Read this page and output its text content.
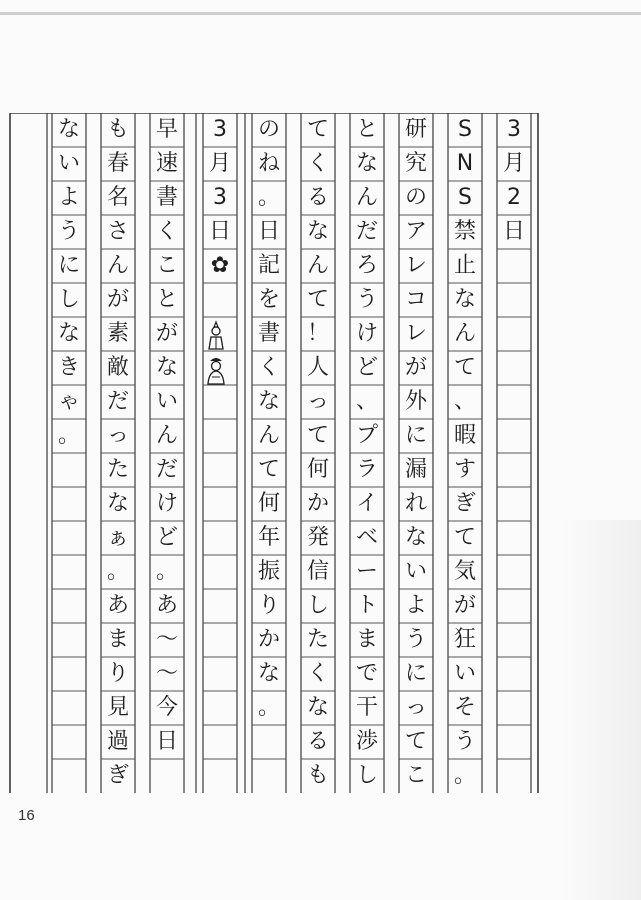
3
月
2
日
S
N
S
禁
止
な
ん
て
、
暇
す
ぎ
て
気
が
狂
い
そ
う
。
研
究
の
ア
レ
コ
レ
が
外
に
漏
れ
な
い
よ
う
に
っ
て
こ
と
な
ん
だ
ろ
う
け
ど
、
プ
ラ
イ
ベ
ー
ト
ま
で
干
渉
し
て
く
る
な
ん
て
！
人
っ
て
何
か
発
信
し
た
く
な
る
も
の
ね
。
日
記
を
書
く
な
ん
て
何
年
振
り
か
な
。
3
月
3
日
✿
早
速
書
く
こ
と
が
な
い
ん
だ
け
ど
。
あ
〜
〜
今
日
も
春
名
さ
ん
が
素
敵
だ
っ
た
な
ぁ
。
あ
ま
り
見
過
ぎ
な
い
よ
う
に
し
な
き
ゃ
。
16
